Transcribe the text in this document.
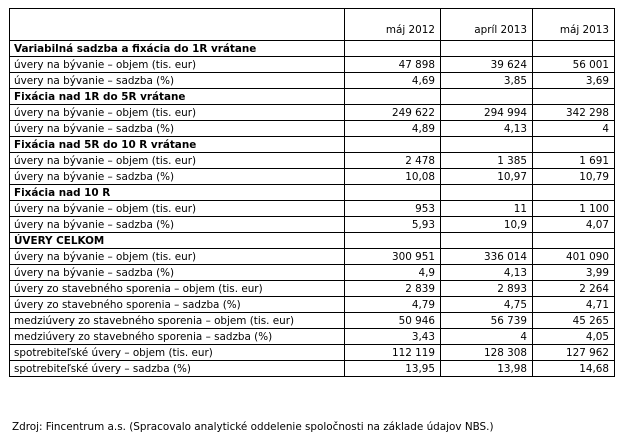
	máj 2012	apríl 2013	máj 2013
Variabilná sadzba a fixácia do 1R vrátane			
úvery na bývanie – objem (tis. eur)	47 898	39 624	56 001
úvery na bývanie – sadzba (%)	4,69	3,85	3,69
Fixácia nad 1R do 5R vrátane			
úvery na bývanie – objem (tis. eur)	249 622	294 994	342 298
úvery na bývanie – sadzba (%)	4,89	4,13	4
Fixácia nad 5R do 10 R vrátane			
úvery na bývanie – objem (tis. eur)	2 478	1 385	1 691
úvery na bývanie – sadzba (%)	10,08	10,97	10,79
Fixácia nad 10 R			
úvery na bývanie – objem (tis. eur)	953	11	1 100
úvery na bývanie – sadzba (%)	5,93	10,9	4,07
ÚVERY CELKOM			
úvery na bývanie – objem (tis. eur)	300 951	336 014	401 090
úvery na bývanie – sadzba (%)	4,9	4,13	3,99
úvery zo stavebného sporenia – objem (tis. eur)	2 839	2 893	2 264
úvery zo stavebného sporenia – sadzba (%)	4,79	4,75	4,71
medziúvery zo stavebného sporenia – objem (tis. eur)	50 946	56 739	45 265
medziúvery zo stavebného sporenia – sadzba (%)	3,43	4	4,05
spotrebiteľské úvery – objem (tis. eur)	112 119	128 308	127 962
spotrebiteľské úvery – sadzba (%)	13,95	13,98	14,68
Zdroj: Fincentrum a.s. (Spracovalo analytické oddelenie spoločnosti na základe údajov NBS.)
